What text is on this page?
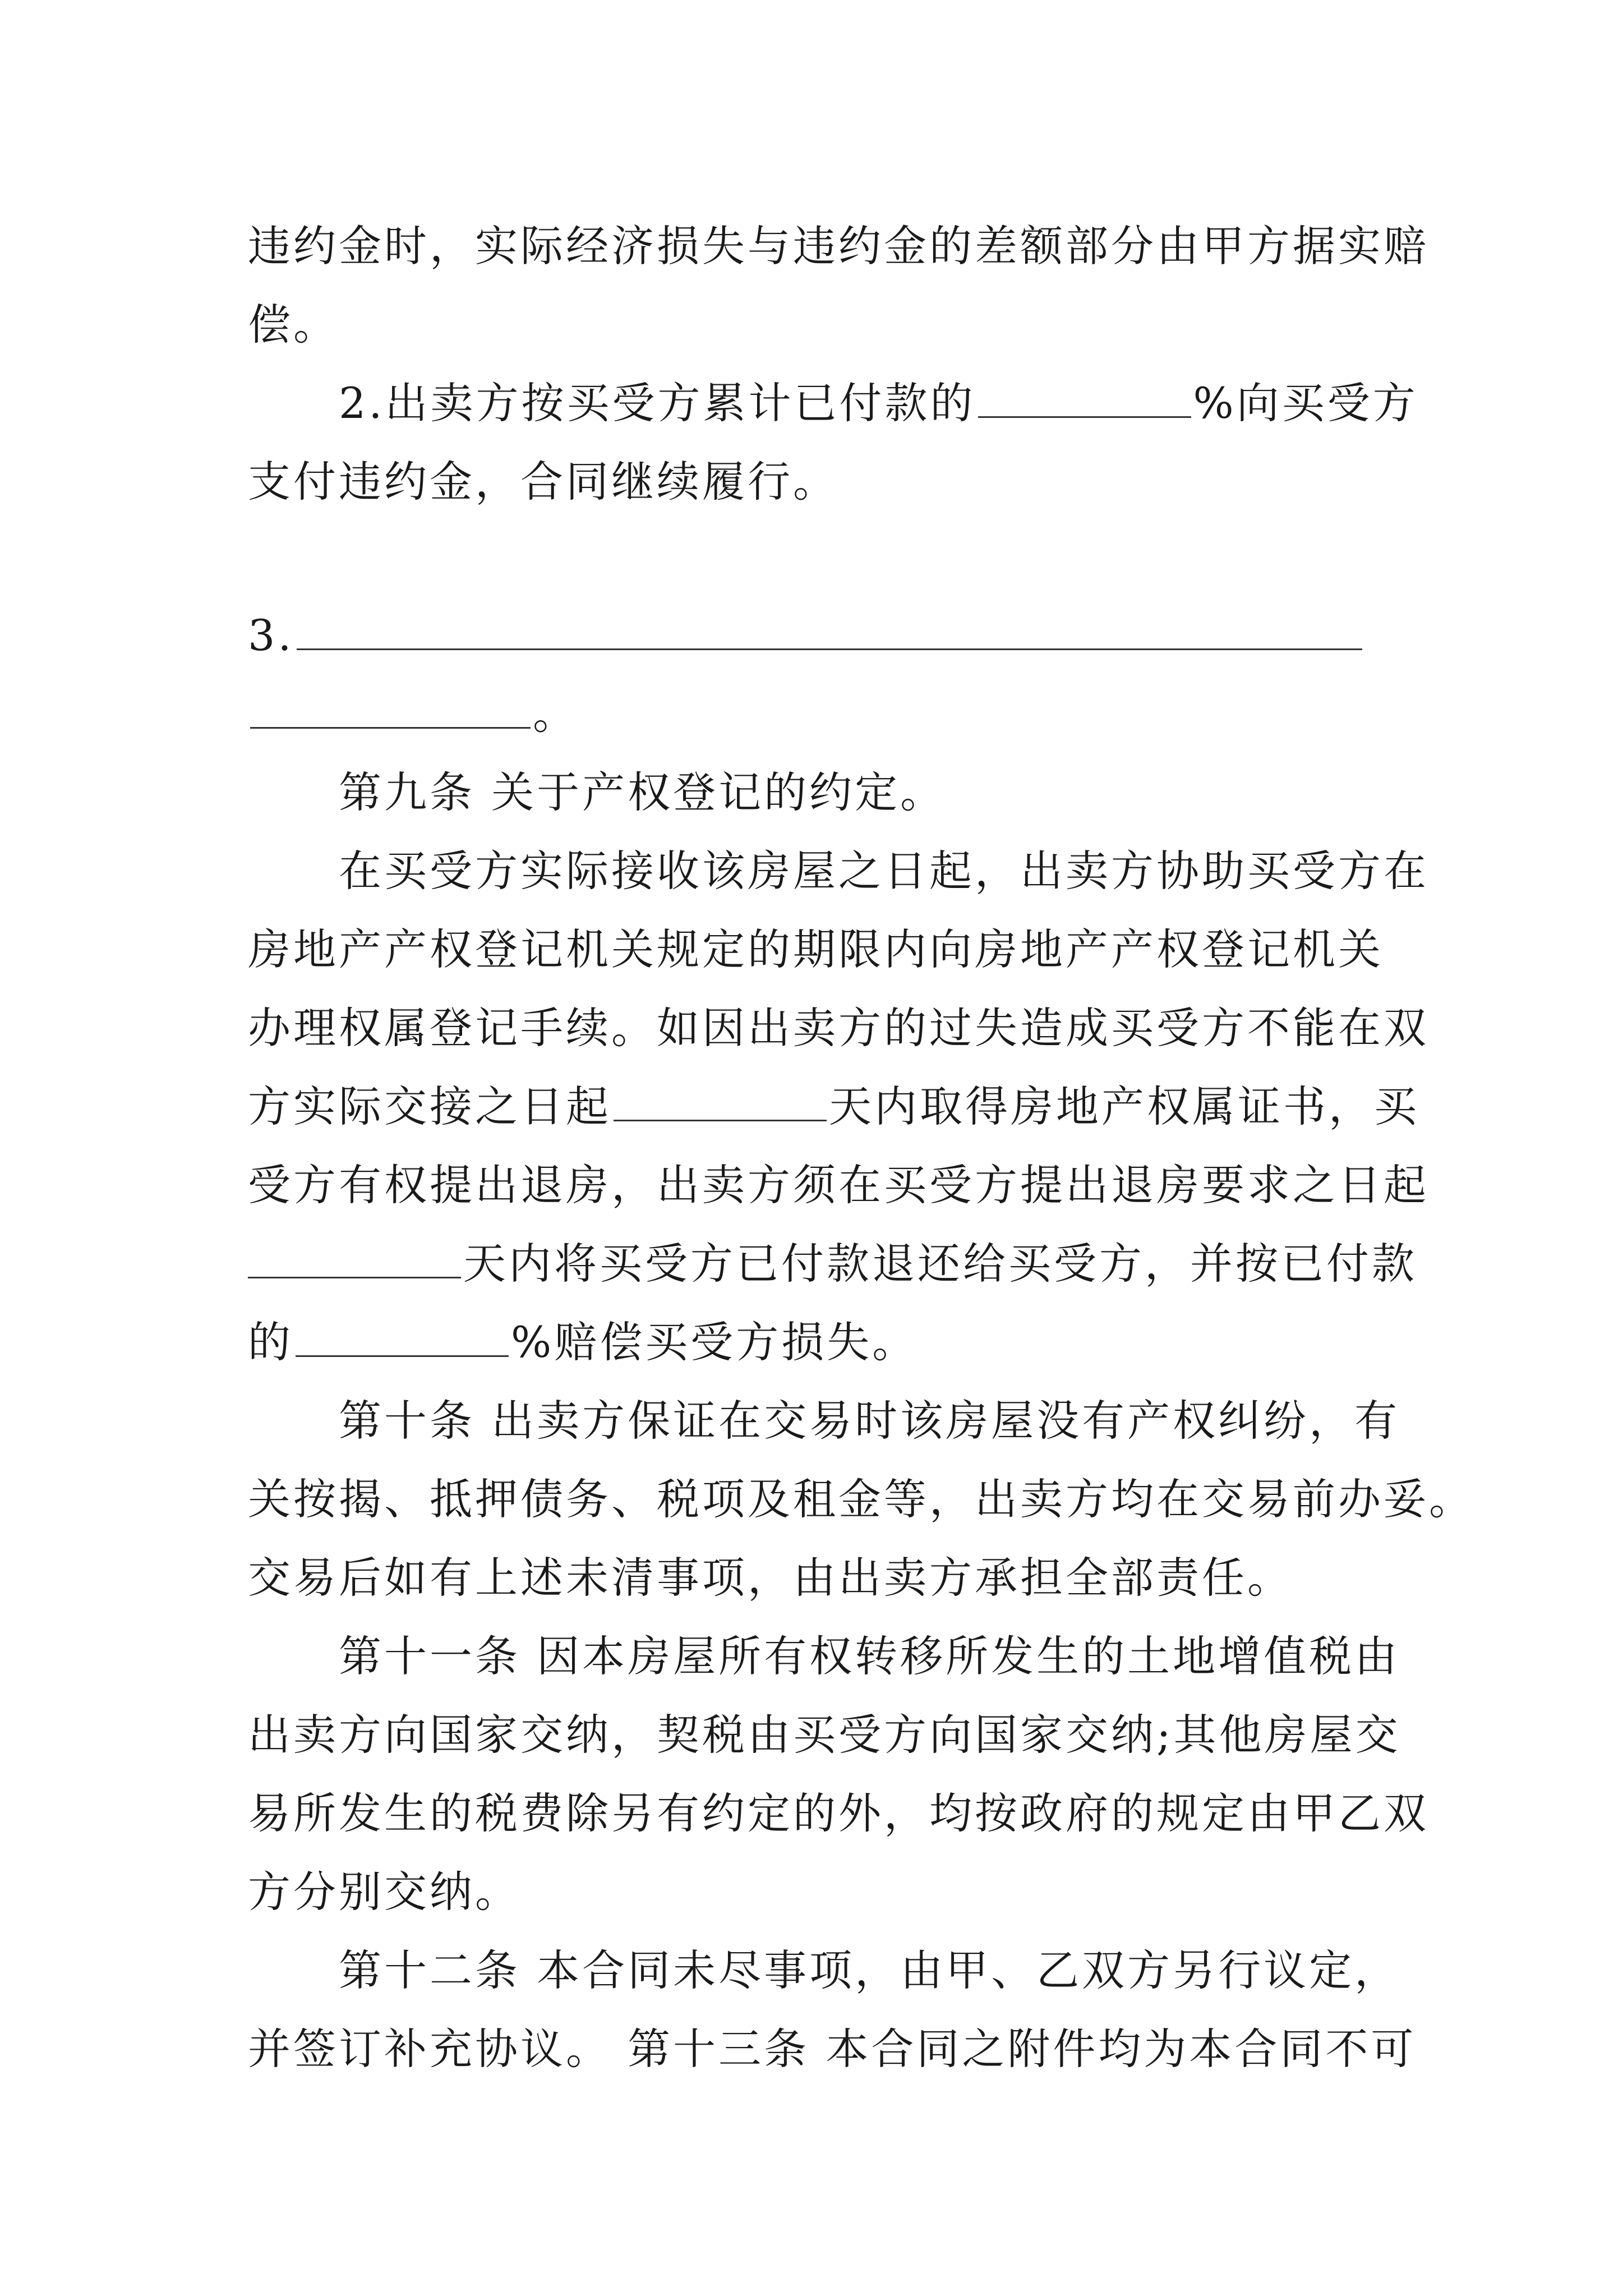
违约金时，实际经济损失与违约金的差额部分由甲方据实赔
偿。
2.出卖方按买受方累计已付款的	%向买受方
支付违约金，合同继续履行。
3.
。
第九条 关于产权登记的约定。
在买受方实际接收该房屋之日起，出卖方协助买受方在
房地产产权登记机关规定的期限内向房地产产权登记机关
办理权属登记手续。如因出卖方的过失造成买受方不能在双
方实际交接之日起	天内取得房地产权属证书，买
受方有权提出退房，出卖方须在买受方提出退房要求之日起
天内将买受方已付款退还给买受方，并按已付款
的	%赔偿买受方损失。
第十条 出卖方保证在交易时该房屋没有产权纠纷，有
关按揭、抵押债务、税项及租金等，出卖方均在交易前办妥。
交易后如有上述未清事项，由出卖方承担全部责任。
第十一条 因本房屋所有权转移所发生的土地增值税由
出卖方向国家交纳，契税由买受方向国家交纳;其他房屋交
易所发生的税费除另有约定的外，均按政府的规定由甲乙双
方分别交纳。
第十二条 本合同未尽事项，由甲、乙双方另行议定，
并签订补充协议。 第十三条 本合同之附件均为本合同不可
